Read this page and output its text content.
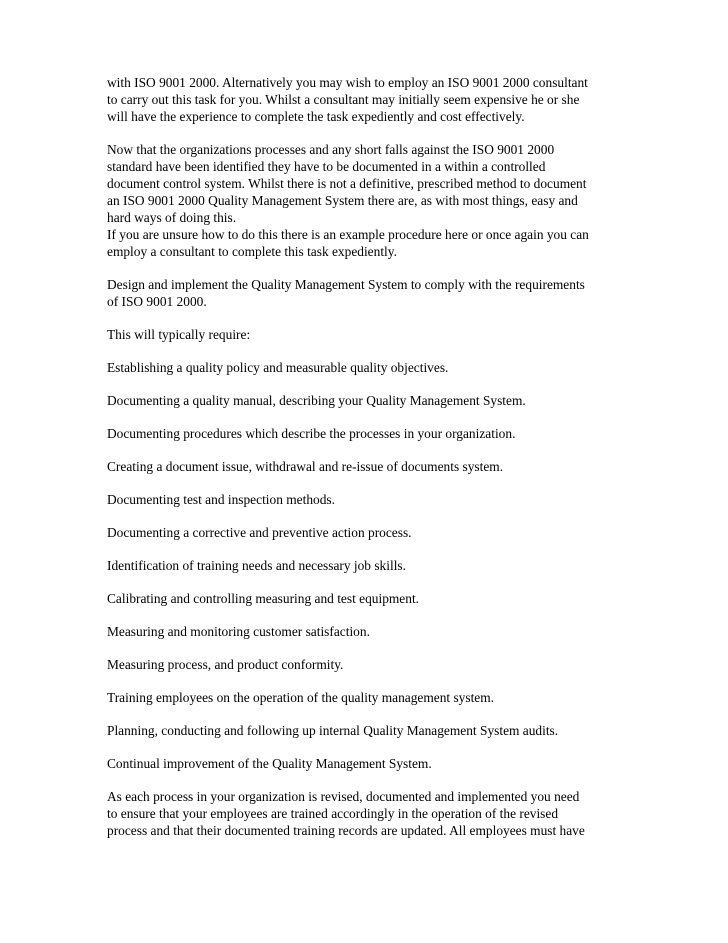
with ISO 9001 2000. Alternatively you may wish to employ an ISO 9001 2000 consultant
to carry out this task for you. Whilst a consultant may initially seem expensive he or she
will have the experience to complete the task expediently and cost effectively.

Now that the organizations processes and any short falls against the ISO 9001 2000
standard have been identified they have to be documented in a within a controlled
document control system. Whilst there is not a definitive, prescribed method to document
an ISO 9001 2000 Quality Management System there are, as with most things, easy and
hard ways of doing this.
If you are unsure how to do this there is an example procedure here or once again you can
employ a consultant to complete this task expediently.

Design and implement the Quality Management System to comply with the requirements
of ISO 9001 2000.

This will typically require:

Establishing a quality policy and measurable quality objectives.

Documenting a quality manual, describing your Quality Management System.

Documenting procedures which describe the processes in your organization.

Creating a document issue, withdrawal and re-issue of documents system.

Documenting test and inspection methods.

Documenting a corrective and preventive action process.

Identification of training needs and necessary job skills.

Calibrating and controlling measuring and test equipment.

Measuring and monitoring customer satisfaction.

Measuring process, and product conformity.

Training employees on the operation of the quality management system.

Planning, conducting and following up internal Quality Management System audits.

Continual improvement of the Quality Management System.

As each process in your organization is revised, documented and implemented you need
to ensure that your employees are trained accordingly in the operation of the revised
process and that their documented training records are updated. All employees must have
